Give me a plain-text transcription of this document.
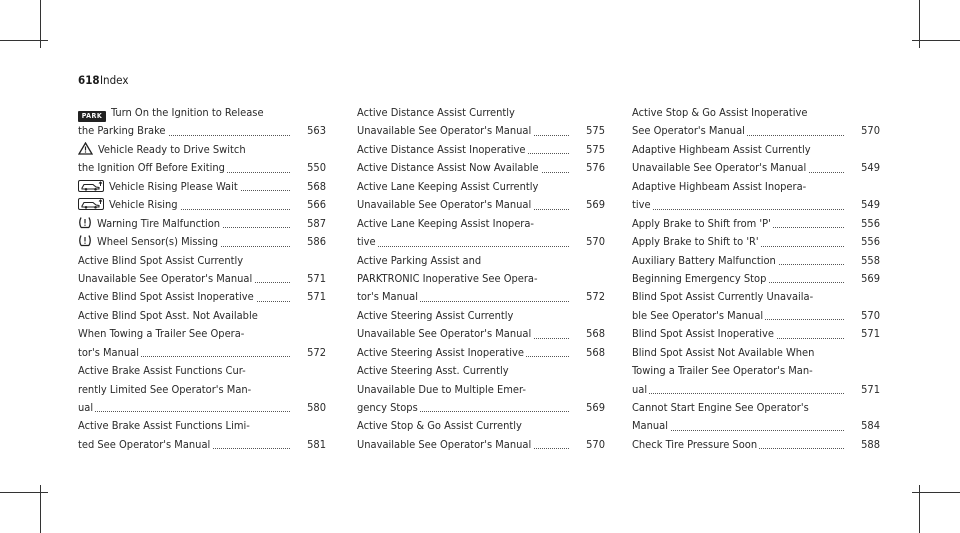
618 Index
PARK Turn On the Ignition to Release
the Parking Brake	563
Vehicle Ready to Drive Switch
the Ignition Off Before Exiting	550
Vehicle Rising Please Wait	568
Vehicle Rising	566
Warning Tire Malfunction	587
Wheel Sensor(s) Missing	586
Active Blind Spot Assist Currently
Unavailable See Operator's Manual	571
Active Blind Spot Assist Inoperative	571
Active Blind Spot Asst. Not Available
When Towing a Trailer See Opera-
tor's Manual	572
Active Brake Assist Functions Cur-
rently Limited See Operator's Man-
ual	580
Active Brake Assist Functions Limi-
ted See Operator's Manual	581
Active Distance Assist Currently
Unavailable See Operator's Manual	575
Active Distance Assist Inoperative	575
Active Distance Assist Now Available	576
Active Lane Keeping Assist Currently
Unavailable See Operator's Manual	569
Active Lane Keeping Assist Inopera-
tive	570
Active Parking Assist and
PARKTRONIC Inoperative See Opera-
tor's Manual	572
Active Steering Assist Currently
Unavailable See Operator's Manual	568
Active Steering Assist Inoperative	568
Active Steering Asst. Currently
Unavailable Due to Multiple Emer-
gency Stops	569
Active Stop & Go Assist Currently
Unavailable See Operator's Manual	570
Active Stop & Go Assist Inoperative
See Operator's Manual	570
Adaptive Highbeam Assist Currently
Unavailable See Operator's Manual	549
Adaptive Highbeam Assist Inopera-
tive	549
Apply Brake to Shift from 'P'	556
Apply Brake to Shift to 'R'	556
Auxiliary Battery Malfunction	558
Beginning Emergency Stop	569
Blind Spot Assist Currently Unavaila-
ble See Operator's Manual	570
Blind Spot Assist Inoperative	571
Blind Spot Assist Not Available When
Towing a Trailer See Operator's Man-
ual	571
Cannot Start Engine See Operator's
Manual	584
Check Tire Pressure Soon	588
